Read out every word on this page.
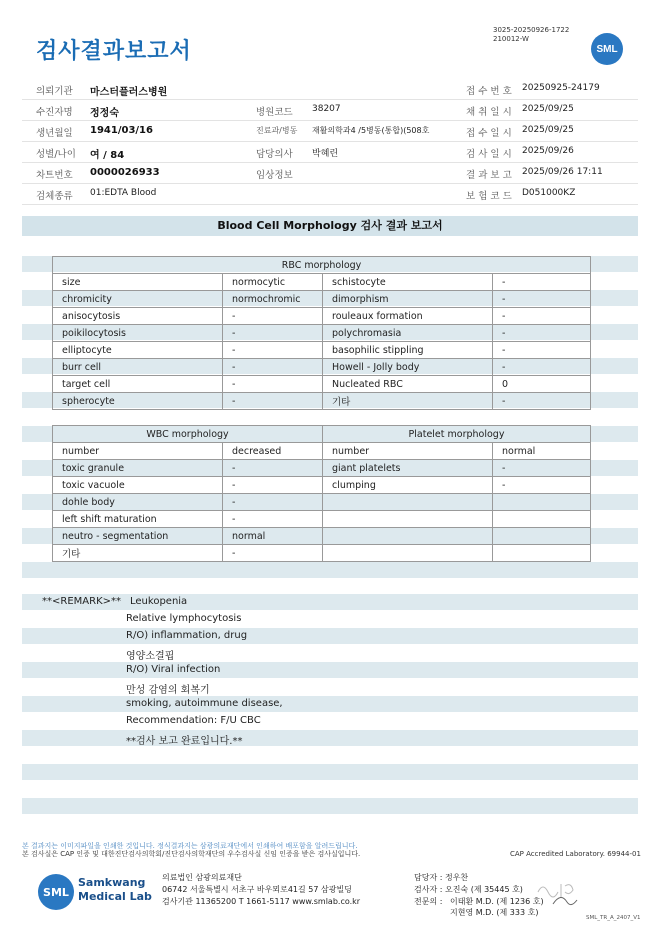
검사결과보고서
3025-20250926-1722
210012-W
SML
의뢰기관 마스터플러스병원	접 수 번 호 20250925-24179
수진자명 정정숙	병원코드 38207	채 취 일 시 2025/09/25
생년월일 1941/03/16	진료과/병동 재활의학과4 /5병동(통합)(508호	접 수 일 시 2025/09/25
성별/나이 여 / 84	담당의사 박혜린	검 사 일 시 2025/09/26
차트번호 0000026933	임상정보	결 과 보 고 2025/09/26 17:11
검체종류 01:EDTA Blood	보 험 코 드 D051000KZ
Blood Cell Morphology 검사 결과 보고서
RBC morphology			
size	normocytic	schistocyte	-
chromicity	normochromic	dimorphism	-
anisocytosis	-	rouleaux formation	-
poikilocytosis	-	polychromasia	-
elliptocyte	-	basophilic stippling	-
burr cell	-	Howell - Jolly body	-
target cell	-	Nucleated RBC	0
spherocyte	-	기타	-
WBC morphology		Platelet morphology	
number	decreased	number	normal
toxic granule	-	giant platelets	-
toxic vacuole	-	clumping	-
dohle body	-		
left shift maturation	-		
neutro - segmentation	normal		
기타	-		
**<REMARK>** Leukopenia
Relative lymphocytosis
R/O) inflammation, drug
영양소결핍
R/O) Viral infection
만성 감염의 회복기
smoking, autoimmune disease,
Recommendation: F/U CBC
**검사 보고 완료입니다.**
본 결과지는 이미지파일을 인쇄한 것입니다. 정식결과지는 삼광의료재단에서 인쇄하여 배포함을 알려드립니다.
본 검사실은 CAP 인증 및 대한진단검사의학회/진단검사의학재단의 우수검사실 신임 인증을 받은 검사실입니다.	CAP Accredited Laboratory. 69944-01
SML
Samkwang
Medical Lab
의료법인 삼광의료재단
06742 서울특별시 서초구 바우뫼로41길 57 삼광빌딩
검사기관 11365200 T 1661-5117 www.smlab.co.kr
담당자 : 정우찬
검사자 : 오진숙 (제 35445 호)
전문의 : 이태환 M.D. (제 1236 호)
지현영 M.D. (제 333 호)
SML_TR_A_2407_V1
